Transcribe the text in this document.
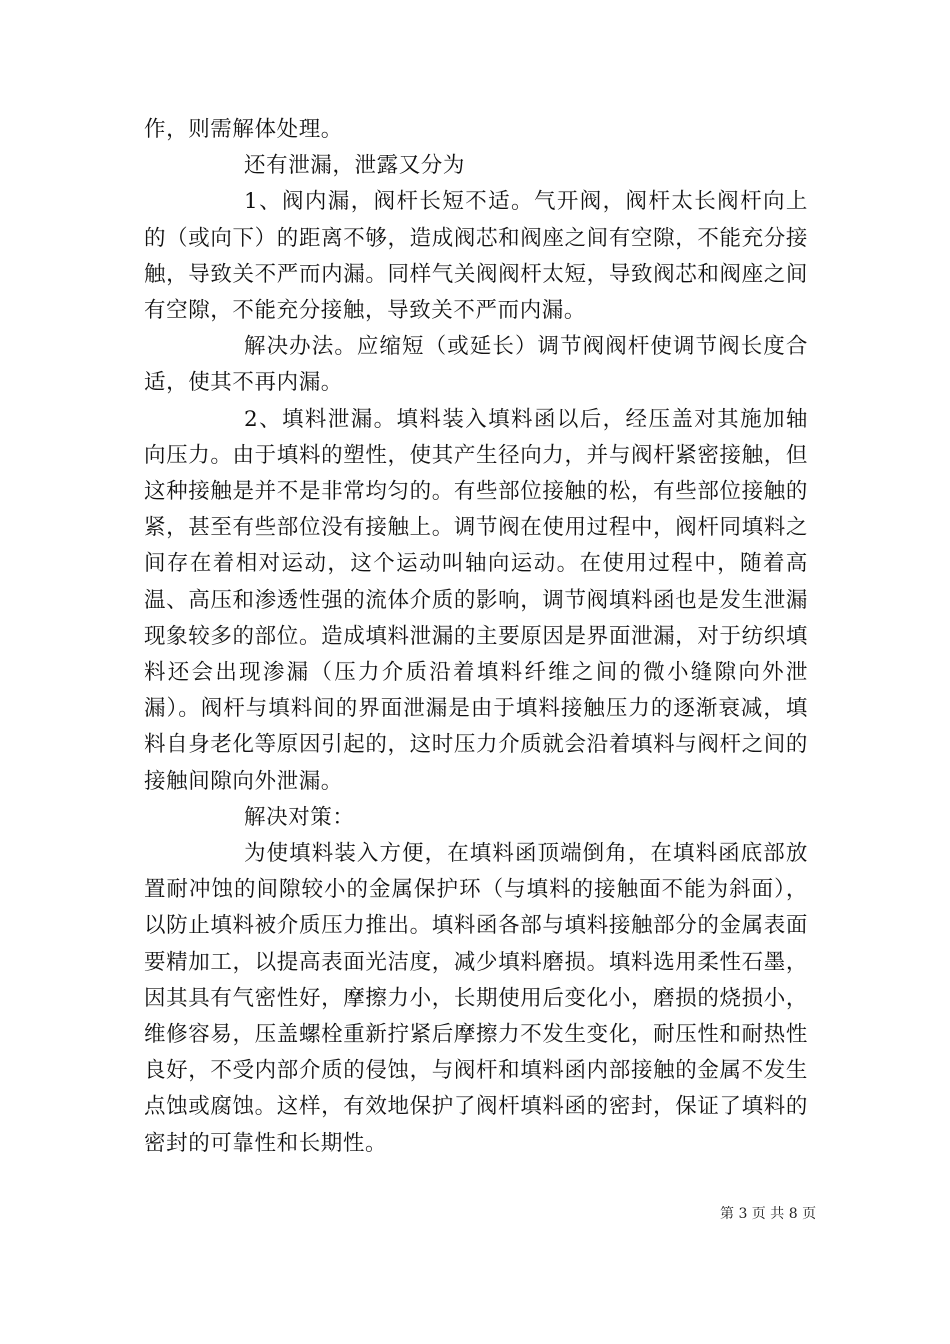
作，则需解体处理。

还有泄漏，泄露又分为

1、阀内漏，阀杆长短不适。气开阀，阀杆太长阀杆向上的（或向下）的距离不够，造成阀芯和阀座之间有空隙，不能充分接触，导致关不严而内漏。同样气关阀阀杆太短，导致阀芯和阀座之间有空隙，不能充分接触，导致关不严而内漏。

解决办法。应缩短（或延长）调节阀阀杆使调节阀长度合适，使其不再内漏。

2、填料泄漏。填料装入填料函以后，经压盖对其施加轴向压力。由于填料的塑性，使其产生径向力，并与阀杆紧密接触，但这种接触是并不是非常均匀的。有些部位接触的松，有些部位接触的紧，甚至有些部位没有接触上。调节阀在使用过程中，阀杆同填料之间存在着相对运动，这个运动叫轴向运动。在使用过程中，随着高温、高压和渗透性强的流体介质的影响，调节阀填料函也是发生泄漏现象较多的部位。造成填料泄漏的主要原因是界面泄漏，对于纺织填料还会出现渗漏（压力介质沿着填料纤维之间的微小缝隙向外泄漏）。阀杆与填料间的界面泄漏是由于填料接触压力的逐渐衰减，填料自身老化等原因引起的，这时压力介质就会沿着填料与阀杆之间的接触间隙向外泄漏。

解决对策：

为使填料装入方便，在填料函顶端倒角，在填料函底部放置耐冲蚀的间隙较小的金属保护环（与填料的接触面不能为斜面），以防止填料被介质压力推出。填料函各部与填料接触部分的金属表面要精加工，以提高表面光洁度，减少填料磨损。填料选用柔性石墨，因其具有气密性好，摩擦力小，长期使用后变化小，磨损的烧损小，维修容易，压盖螺栓重新拧紧后摩擦力不发生变化，耐压性和耐热性良好，不受内部介质的侵蚀，与阀杆和填料函内部接触的金属不发生点蚀或腐蚀。这样，有效地保护了阀杆填料函的密封，保证了填料的密封的可靠性和长期性。

第 3 页 共 8 页
